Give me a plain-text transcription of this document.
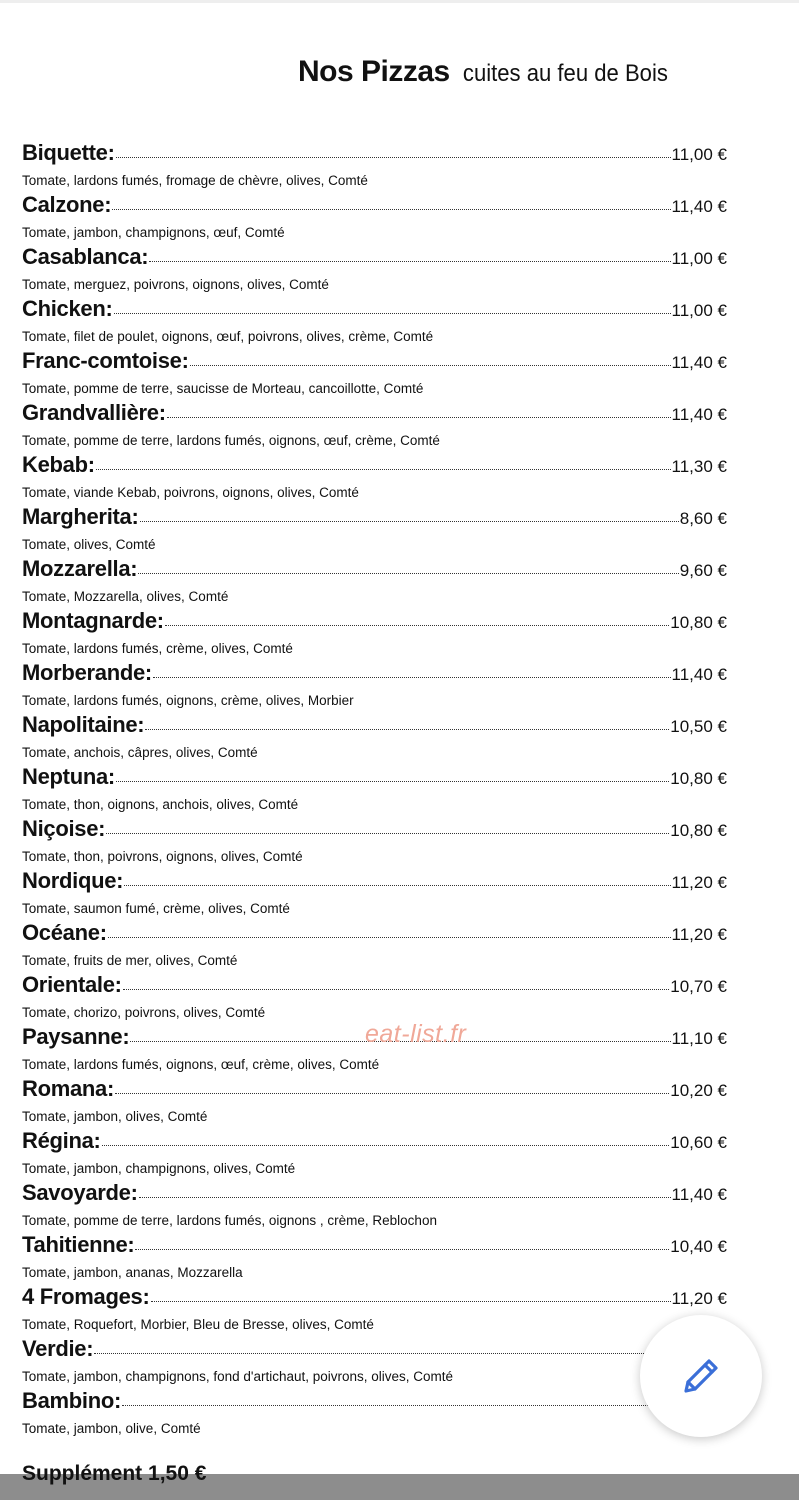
Nos Pizzas cuites au feu de Bois
Biquette:	11,00 €
Tomate, lardons fumés, fromage de chèvre, olives, Comté
Calzone:	11,40 €
Tomate, jambon, champignons, œuf, Comté
Casablanca:	11,00 €
Tomate, merguez, poivrons, oignons, olives, Comté
Chicken:	11,00 €
Tomate, filet de poulet, oignons, œuf, poivrons, olives, crème, Comté
Franc-comtoise:	11,40 €
Tomate, pomme de terre, saucisse de Morteau, cancoillotte, Comté
Grandvallière:	11,40 €
Tomate, pomme de terre, lardons fumés, oignons, œuf, crème, Comté
Kebab:	11,30 €
Tomate, viande Kebab, poivrons, oignons, olives, Comté
Margherita:	8,60 €
Tomate, olives, Comté
Mozzarella:	9,60 €
Tomate, Mozzarella, olives, Comté
Montagnarde:	10,80 €
Tomate, lardons fumés, crème, olives, Comté
Morberande:	11,40 €
Tomate, lardons fumés, oignons, crème, olives, Morbier
Napolitaine:	10,50 €
Tomate, anchois, câpres, olives, Comté
Neptuna:	10,80 €
Tomate, thon, oignons, anchois, olives, Comté
Niçoise:	10,80 €
Tomate, thon, poivrons, oignons, olives, Comté
Nordique:	11,20 €
Tomate, saumon fumé, crème, olives, Comté
Océane:	11,20 €
Tomate, fruits de mer, olives, Comté
Orientale:	10,70 €
Tomate, chorizo, poivrons, olives, Comté
Paysanne:	11,10 €
Tomate, lardons fumés, oignons, œuf, crème, olives, Comté
Romana:	10,20 €
Tomate, jambon, olives, Comté
Régina:	10,60 €
Tomate, jambon, champignons, olives, Comté
Savoyarde:	11,40 €
Tomate, pomme de terre, lardons fumés, oignons , crème, Reblochon
Tahitienne:	10,40 €
Tomate, jambon, ananas, Mozzarella
4 Fromages:	11,20 €
Tomate, Roquefort, Morbier, Bleu de Bresse, olives, Comté
Verdie:
Tomate, jambon, champignons, fond d'artichaut, poivrons, olives, Comté
Bambino:
Tomate, jambon, olive, Comté
eat-list.fr
Supplément 1,50 €
